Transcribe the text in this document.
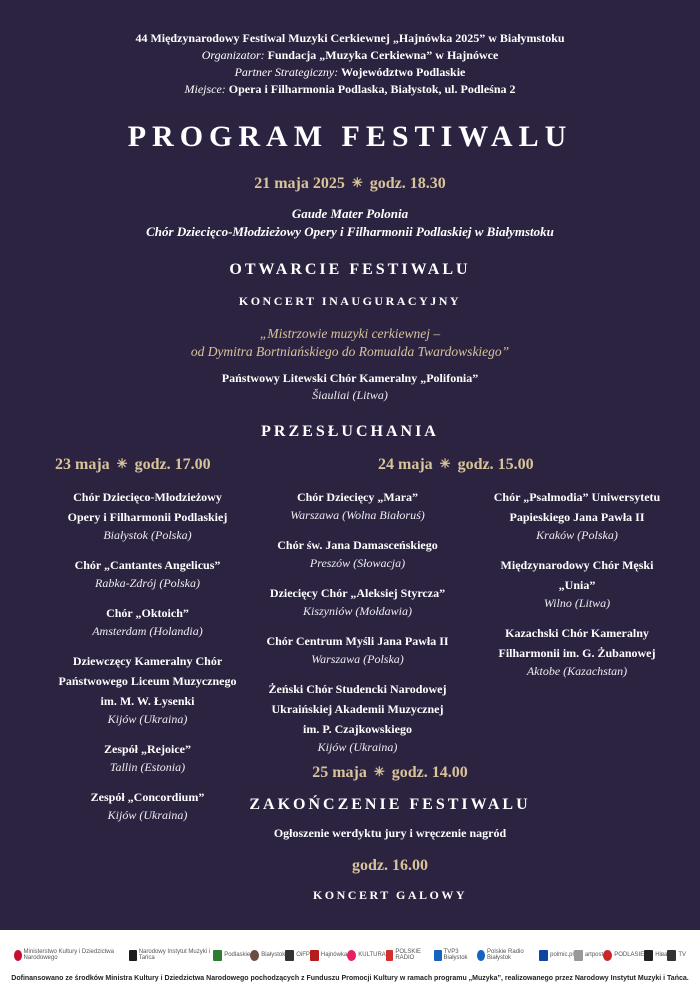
44 Międzynarodowy Festiwal Muzyki Cerkiewnej „Hajnówka 2025” w Białymstoku
Organizator: Fundacja „Muzyka Cerkiewna” w Hajnówce
Partner Strategiczny: Województwo Podlaskie
Miejsce: Opera i Filharmonia Podlaska, Białystok, ul. Podleśna 2
PROGRAM FESTIWALU
21 maja 2025 ✳ godz. 18.30
Gaude Mater Polonia
Chór Dziecięco-Młodzieżowy Opery i Filharmonii Podlaskiej w Białymstoku
OTWARCIE FESTIWALU
KONCERT INAUGURACYJNY
„Mistrzowie muzyki cerkiewnej –
od Dymitra Bortniańskiego do Romualda Twardowskiego”
Państwowy Litewski Chór Kameralny „Polifonia”
Šiauliai (Litwa)
PRZESŁUCHANIA
23 maja ✳ godz. 17.00	24 maja ✳ godz. 15.00
Chór Dziecięco-Młodzieżowy
Opery i Filharmonii Podlaskiej
Białystok (Polska)
Chór „Cantantes Angelicus”
Rabka-Zdrój (Polska)
Chór „Oktoich”
Amsterdam (Holandia)
Dziewczęcy Kameralny Chór
Państwowego Liceum Muzycznego
im. M. W. Łysenki
Kijów (Ukraina)
Zespół „Rejoice”
Tallin (Estonia)
Zespół „Concordium”
Kijów (Ukraina)
Chór Dziecięcy „Mara”
Warszawa (Wolna Białoruś)
Chór św. Jana Damasceńskiego
Preszów (Słowacja)
Dziecięcy Chór „Aleksiej Styrcza”
Kiszyniów (Mołdawia)
Chór Centrum Myśli Jana Pawła II
Warszawa (Polska)
Żeński Chór Studencki Narodowej
Ukraińskiej Akademii Muzycznej
im. P. Czajkowskiego
Kijów (Ukraina)
Chór „Psalmodia” Uniwersytetu
Papieskiego Jana Pawła II
Kraków (Polska)
Międzynarodowy Chór Męski
„Unia”
Wilno (Litwa)
Kazachski Chór Kameralny
Filharmonii im. G. Żubanowej
Aktobe (Kazachstan)
25 maja ✳ godz. 14.00
ZAKOŃCZENIE FESTIWALU
Ogłoszenie werdyktu jury i wręczenie nagród
godz. 16.00
KONCERT GALOWY
Ministerstwo Kultury i Dziedzictwa Narodowego
Narodowy Instytut Muzyki i Tańca	Podlaskie Białystok OiFP Hajnówka KULTURA POLSKIE RADIO
TVP3 Białystok
Polskie Radio Białystok	polmic.pl artpost PODLASIE Ніва TV
Dofinansowano ze środków Ministra Kultury i Dziedzictwa Narodowego pochodzących z Funduszu Promocji Kultury w ramach programu „Muzyka”, realizowanego przez Narodowy Instytut Muzyki i Tańca.
